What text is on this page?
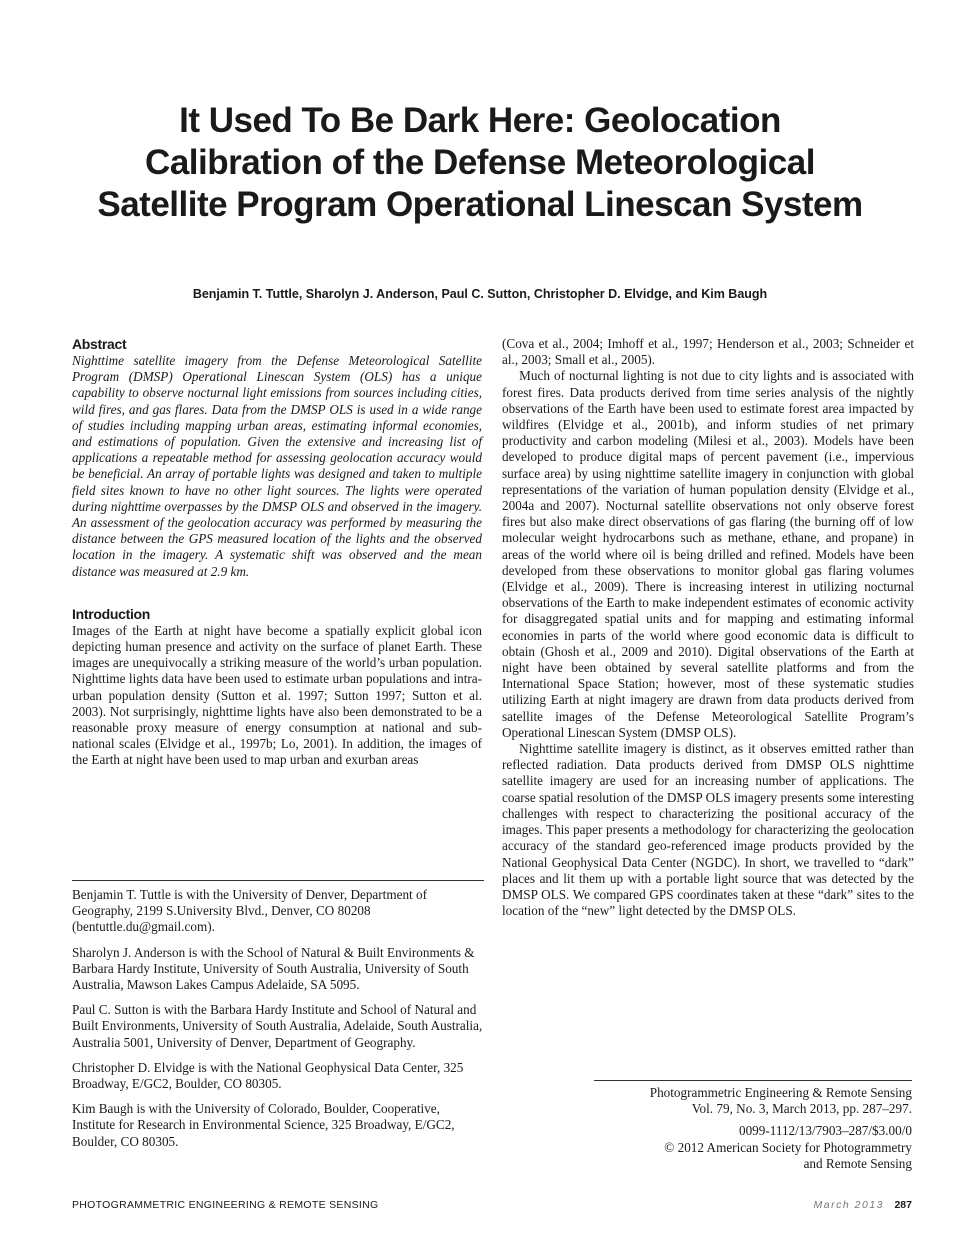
It Used To Be Dark Here: Geolocation
Calibration of the Defense Meteorological
Satellite Program Operational Linescan System
Benjamin T. Tuttle, Sharolyn J. Anderson, Paul C. Sutton, Christopher D. Elvidge, and Kim Baugh
Abstract

Nighttime satellite imagery from the Defense Meteorological Satellite Program (DMSP) Operational Linescan System (OLS) has a unique capability to observe nocturnal light emissions from sources including cities, wild fires, and gas flares. Data from the DMSP OLS is used in a wide range of studies including mapping urban areas, estimating informal economies, and estimations of population. Given the extensive and increasing list of applications a repeatable method for assessing geolocation accuracy would be beneficial. An array of portable lights was designed and taken to multiple field sites known to have no other light sources. The lights were operated during nighttime overpasses by the DMSP OLS and observed in the imagery. An assessment of the geolocation accuracy was performed by measuring the distance between the GPS measured location of the lights and the observed location in the imagery. A systematic shift was observed and the mean distance was measured at 2.9 km.

Introduction

Images of the Earth at night have become a spatially explicit global icon depicting human presence and activity on the surface of planet Earth. These images are unequivocally a striking measure of the world’s urban population. Nighttime lights data have been used to estimate urban populations and intra-urban population density (Sutton et al. 1997; Sutton 1997; Sutton et al. 2003). Not surprisingly, nighttime lights have also been demonstrated to be a reasonable proxy measure of energy consumption at national and sub-national scales (Elvidge et al., 1997b; Lo, 2001). In addition, the images of the Earth at night have been used to map urban and exurban areas

(Cova et al., 2004; Imhoff et al., 1997; Henderson et al., 2003; Schneider et al., 2003; Small et al., 2005).

Much of nocturnal lighting is not due to city lights and is associated with forest fires. Data products derived from time series analysis of the nightly observations of the Earth have been used to estimate forest area impacted by wildfires (Elvidge et al., 2001b), and inform studies of net primary productivity and carbon modeling (Milesi et al., 2003). Models have been developed to produce digital maps of percent pavement (i.e., impervious surface area) by using nighttime satellite imagery in conjunction with global representations of the variation of human population density (Elvidge et al., 2004a and 2007). Nocturnal satellite observations not only observe forest fires but also make direct observations of gas flaring (the burning off of low molecular weight hydrocarbons such as methane, ethane, and propane) in areas of the world where oil is being drilled and refined. Models have been developed from these observations to monitor global gas flaring volumes (Elvidge et al., 2009). There is increasing interest in utilizing nocturnal observations of the Earth to make independent estimates of economic activity for disaggregated spatial units and for mapping and estimating informal economies in parts of the world where good economic data is difficult to obtain (Ghosh et al., 2009 and 2010). Digital observations of the Earth at night have been obtained by several satellite platforms and from the International Space Station; however, most of these systematic studies utilizing Earth at night imagery are drawn from data products derived from satellite images of the Defense Meteorological Satellite Program’s Operational Linescan System (DMSP OLS).

Nighttime satellite imagery is distinct, as it observes emitted rather than reflected radiation. Data products derived from DMSP OLS nighttime satellite imagery are used for an increasing number of applications. The coarse spatial resolution of the DMSP OLS imagery presents some interesting challenges with respect to characterizing the positional accuracy of the images. This paper presents a methodology for characterizing the geolocation accuracy of the standard geo-referenced image products provided by the National Geophysical Data Center (NGDC). In short, we travelled to “dark” places and lit them up with a portable light source that was detected by the DMSP OLS. We compared GPS coordinates taken at these “dark” sites to the location of the “new” light detected by the DMSP OLS.

Benjamin T. Tuttle is with the University of Denver, Department of Geography, 2199 S.University Blvd., Denver, CO 80208 (bentuttle.du@gmail.com).

Sharolyn J. Anderson is with the School of Natural & Built Environments & Barbara Hardy Institute, University of South Australia, University of South Australia, Mawson Lakes Campus Adelaide, SA 5095.

Paul C. Sutton is with the Barbara Hardy Institute and School of Natural and Built Environments, University of South Australia, Adelaide, South Australia, Australia 5001, University of Denver, Department of Geography.

Christopher D. Elvidge is with the National Geophysical Data Center, 325 Broadway, E/GC2, Boulder, CO 80305.

Kim Baugh is with the University of Colorado, Boulder, Cooperative, Institute for Research in Environmental Science, 325 Broadway, E/GC2, Boulder, CO 80305.

Photogrammetric Engineering & Remote Sensing
Vol. 79, No. 3, March 2013, pp. 287–297.
0099-1112/13/7903–287/$3.00/0
© 2012 American Society for Photogrammetry
and Remote Sensing
PHOTOGRAMMETRIC ENGINEERING & REMOTE SENSING	March 2013 287
